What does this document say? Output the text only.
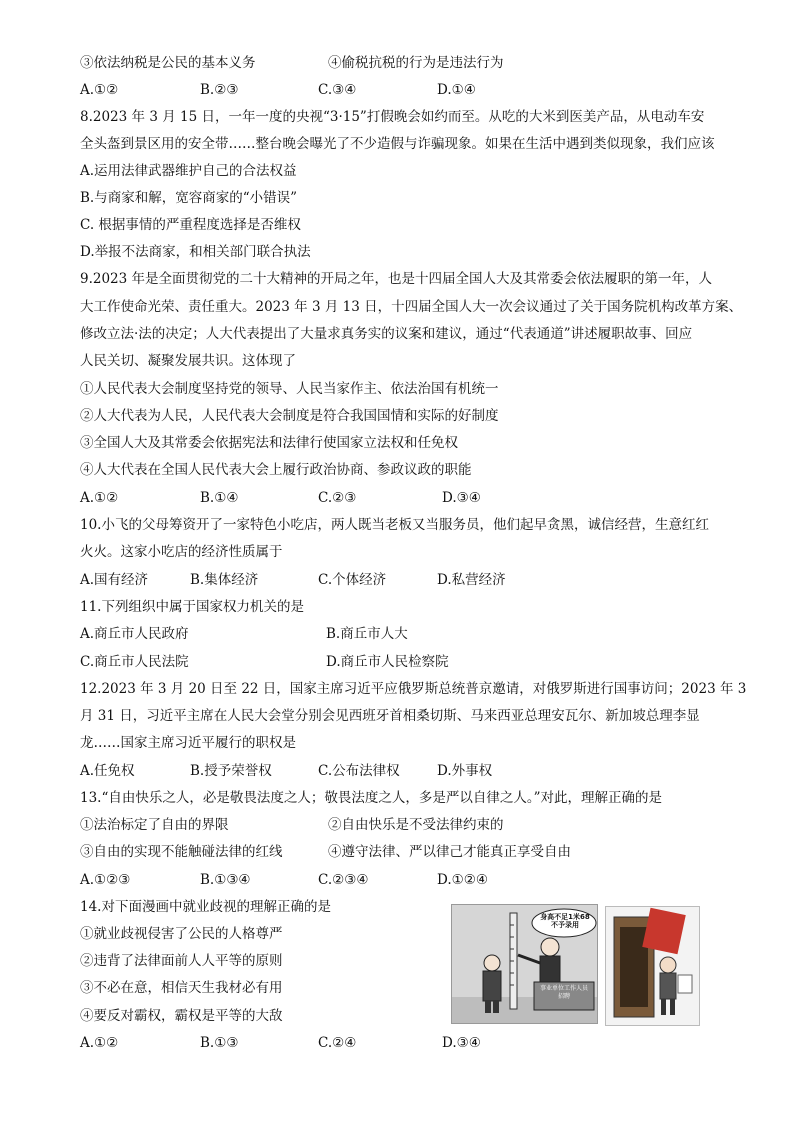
③依法纳税是公民的基本义务	④偷税抗税的行为是违法行为
A.①②	B.②③	C.③④	D.①④
8.2023 年 3 月 15 日，一年一度的央视“3·15”打假晚会如约而至。从吃的大米到医美产品，从电动车安
全头盔到景区用的安全带……整台晚会曝光了不少造假与诈骗现象。如果在生活中遇到类似现象，我们应该
A.运用法律武器维护自己的合法权益
B.与商家和解，宽容商家的“小错误”
C. 根据事情的严重程度选择是否维权
D.举报不法商家，和相关部门联合执法
9.2023 年是全面贯彻党的二十大精神的开局之年，也是十四届全国人大及其常委会依法履职的第一年，人
大工作使命光荣、责任重大。2023 年 3 月 13 日，十四届全国人大一次会议通过了关于国务院机构改革方案、
修改立法·法的决定；人大代表提出了大量求真务实的议案和建议，通过“代表通道”讲述履职故事、回应
人民关切、凝聚发展共识。这体现了
①人民代表大会制度坚持党的领导、人民当家作主、依法治国有机统一
②人大代表为人民，人民代表大会制度是符合我国国情和实际的好制度
③全国人大及其常委会依据宪法和法律行使国家立法权和任免权
④人大代表在全国人民代表大会上履行政治协商、参政议政的职能
A.①②	B.①④	C.②③	D.③④
10.小飞的父母筹资开了一家特色小吃店，两人既当老板又当服务员，他们起早贪黑，诚信经营，生意红红
火火。这家小吃店的经济性质属于
A.国有经济	B.集体经济	C.个体经济	D.私营经济
11.下列组织中属于国家权力机关的是
A.商丘市人民政府	B.商丘市人大
C.商丘市人民法院	D.商丘市人民检察院
12.2023 年 3 月 20 日至 22 日，国家主席习近平应俄罗斯总统普京邀请，对俄罗斯进行国事访问；2023 年 3
月 31 日，习近平主席在人民大会堂分别会见西班牙首相桑切斯、马来西亚总理安瓦尔、新加坡总理李显
龙……国家主席习近平履行的职权是
A.任免权	B.授予荣誉权	C.公布法律权	D.外事权
13.“自由快乐之人，必是敬畏法度之人；敬畏法度之人，多是严以自律之人。”对此，理解正确的是
①法治标定了自由的界限	②自由快乐是不受法律约束的
③自由的实现不能触碰法律的红线	④遵守法律、严以律己才能真正享受自由
A.①②③	B.①③④	C.②③④	D.①②④
14.对下面漫画中就业歧视的理解正确的是
①就业歧视侵害了公民的人格尊严
②违背了法律面前人人平等的原则
③不必在意，相信天生我材必有用
④要反对霸权，霸权是平等的大敌
A.①②	B.①③	C.②④	D.③④
身高不足1米68
不予录用
事业单位工作人员
招聘
